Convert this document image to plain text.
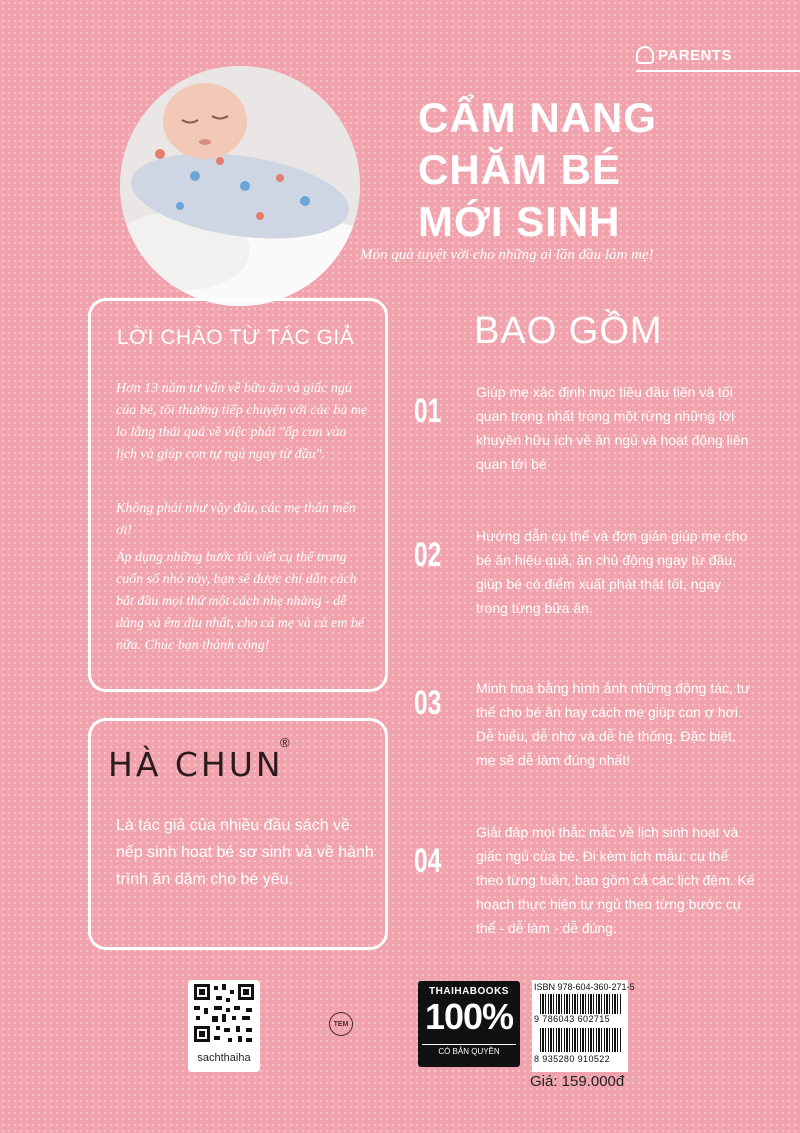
PARENTS
CẨM NANG
CHĂM BÉ
MỚI SINH
Món quà tuyệt vời cho những ai lần đầu làm mẹ!
LỜI CHÀO TỪ TÁC GIẢ

Hơn 13 năm tư vấn về bữa ăn và giấc ngủ của bé, tôi thường tiếp chuyện với các bà mẹ lo lắng thái quá về việc phải "ốp con vào lịch và giúp con tự ngủ ngay từ đầu".

Không phải như vậy đâu, các mẹ thân mến ơi!

Áp dụng những bước tôi viết cụ thể trong cuốn sổ nhỏ này, bạn sẽ được chỉ dẫn cách bắt đầu mọi thứ một cách nhẹ nhàng - dễ dàng và êm dịu nhất, cho cả mẹ và cả em bé nữa. Chúc bạn thành công!

HÀ CHUN
®

Là tác giả của nhiều đầu sách về nếp sinh hoạt bé sơ sinh và về hành trình ăn dặm cho bé yêu.

BAO GỒM
01 Giúp mẹ xác định mục tiêu đầu tiên và tối quan trọng nhất trong một rừng những lời khuyên hữu ích về ăn ngủ và hoạt động liên quan tới bé

02 Hướng dẫn cụ thể và đơn giản giúp mẹ cho bé ăn hiệu quả, ăn chủ động ngay từ đầu, giúp bé có điểm xuất phát thật tốt, ngay trong từng bữa ăn.

03 Minh họa bằng hình ảnh những động tác, tư thế cho bé ăn hay cách mẹ giúp con ợ hơi. Dễ hiểu, dễ nhớ và dễ hệ thống. Đặc biệt, mẹ sẽ dễ làm đúng nhất!

04

Giải đáp mọi thắc mắc về lịch sinh hoạt và giấc ngủ của bé. Đi kèm lịch mẫu: cụ thể theo từng tuần, bao gồm cả các lịch đệm. Kế hoạch thực hiện tự ngủ theo từng bước cụ thể - dễ làm - dễ đúng.

sachthaiha
TEM
THAIHABOOKS
100%
CÓ BẢN QUYỀN
ISBN 978-604-360-271-5
9 786043 602715
8 935280 910522
Giá: 159.000đ
